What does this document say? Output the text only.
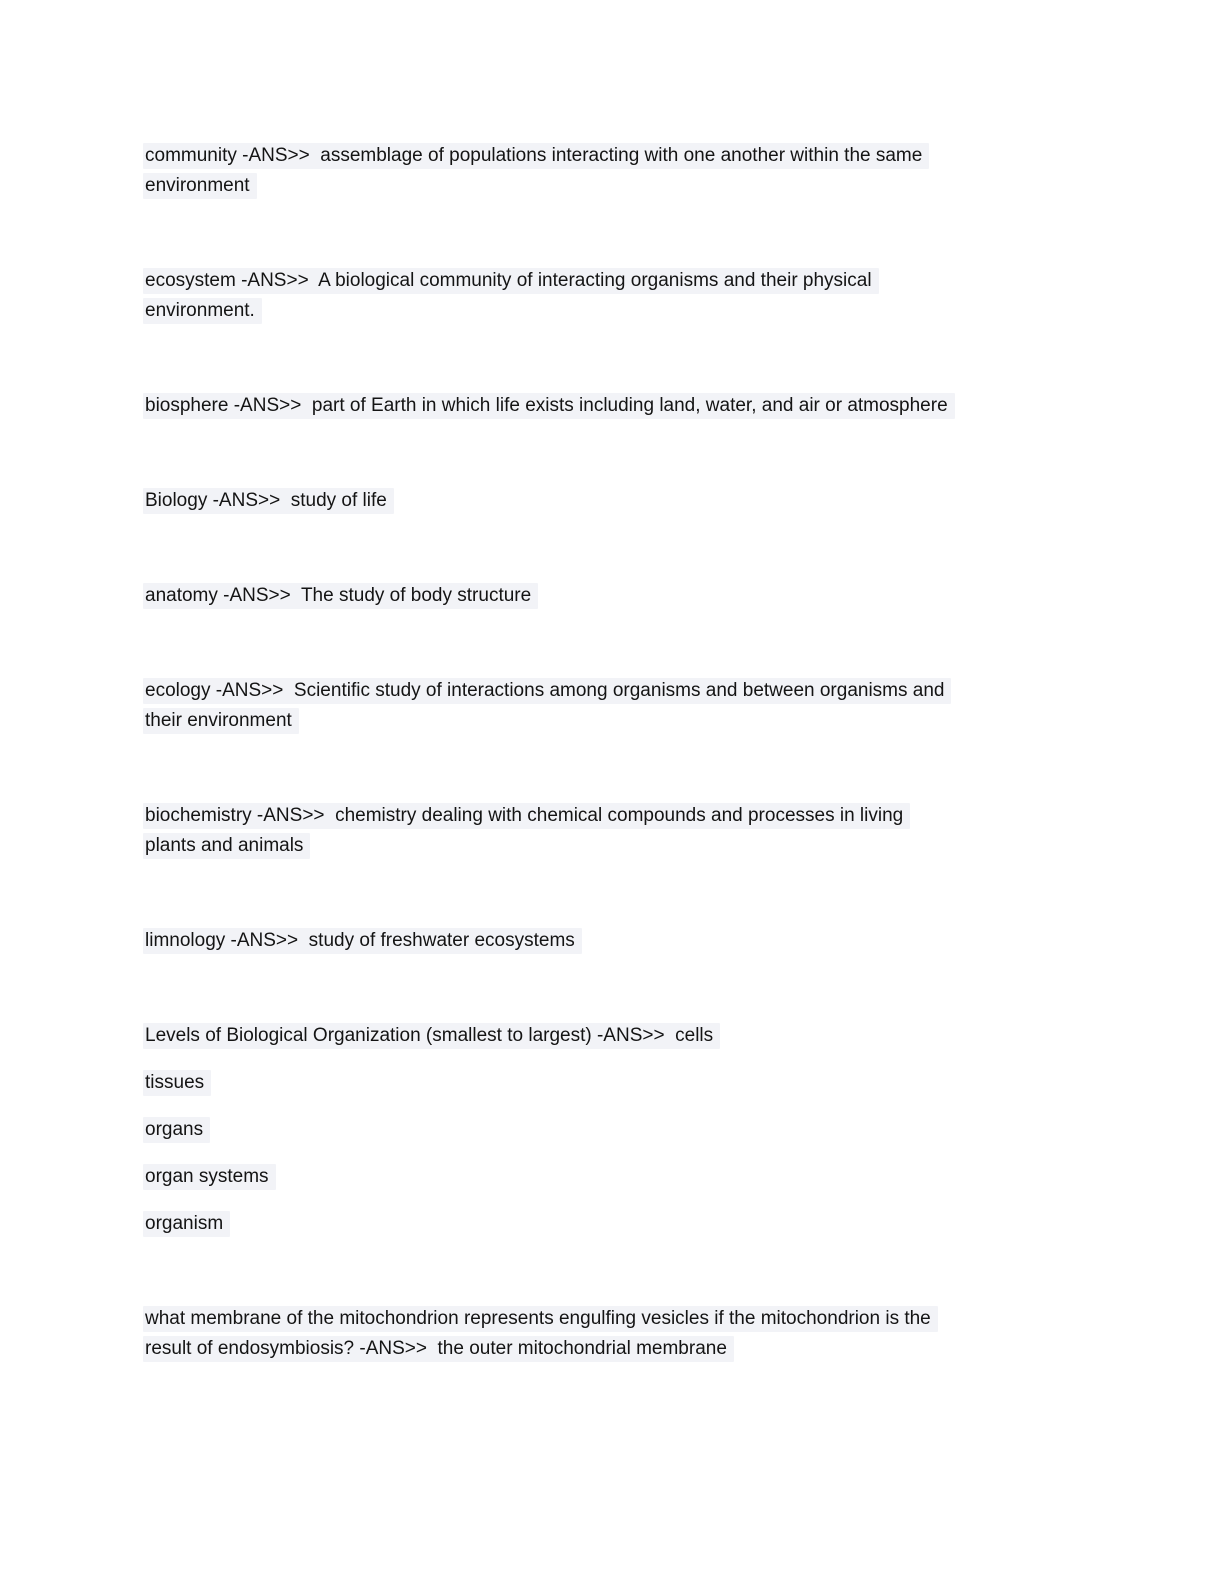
community -ANS>>  assemblage of populations interacting with one another within the same
environment
ecosystem -ANS>>  A biological community of interacting organisms and their physical
environment.
biosphere -ANS>>  part of Earth in which life exists including land, water, and air or atmosphere
Biology -ANS>>  study of life
anatomy -ANS>>  The study of body structure
ecology -ANS>>  Scientific study of interactions among organisms and between organisms and
their environment
biochemistry -ANS>>  chemistry dealing with chemical compounds and processes in living
plants and animals
limnology -ANS>>  study of freshwater ecosystems
Levels of Biological Organization (smallest to largest) -ANS>>  cells
tissues
organs
organ systems
organism
what membrane of the mitochondrion represents engulfing vesicles if the mitochondrion is the
result of endosymbiosis? -ANS>>  the outer mitochondrial membrane
